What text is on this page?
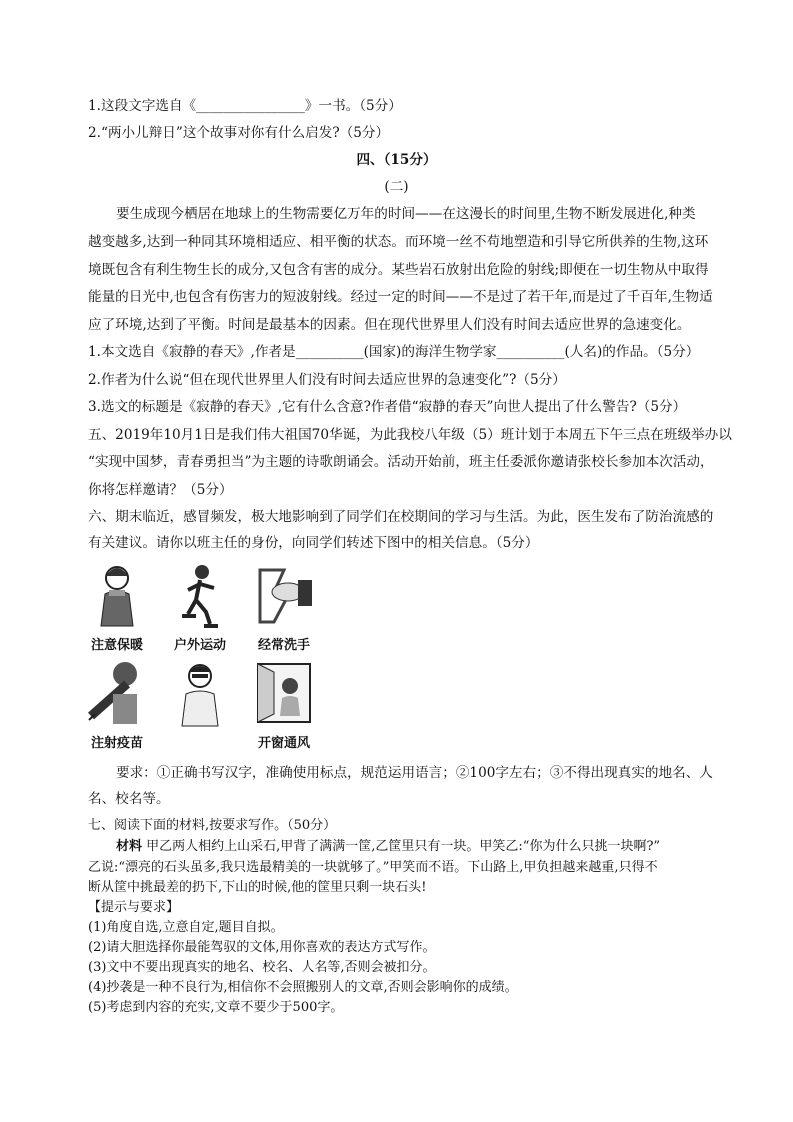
1.这段文字选自《________________》一书。（5分）
2.“两小儿辩日”这个故事对你有什么启发?（5分）
四、（15分）
(二)
要生成现今栖居在地球上的生物需要亿万年的时间——在这漫长的时间里,生物不断发展进化,种类
越变越多,达到一种同其环境相适应、相平衡的状态。而环境一丝不苟地塑造和引导它所供养的生物,这环
境既包含有利生物生长的成分,又包含有害的成分。某些岩石放射出危险的射线;即便在一切生物从中取得
能量的日光中,也包含有伤害力的短波射线。经过一定的时间——不是过了若干年,而是过了千百年,生物适
应了环境,达到了平衡。时间是最基本的因素。但在现代世界里人们没有时间去适应世界的急速变化。
1.本文选自《寂静的春天》,作者是__________(国家)的海洋生物学家__________(人名)的作品。（5分）
2.作者为什么说“但在现代世界里人们没有时间去适应世界的急速变化”?（5分）
3.选文的标题是《寂静的春天》,它有什么含意?作者借“寂静的春天”向世人提出了什么警告?（5分）
五、2019年10月1日是我们伟大祖国70华诞，为此我校八年级（5）班计划于本周五下午三点在班级举办以
“实现中国梦，青春勇担当”为主题的诗歌朗诵会。活动开始前，班主任委派你邀请张校长参加本次活动，
你将怎样邀请？（5分）
六、期末临近，感冒频发，极大地影响到了同学们在校期间的学习与生活。为此，医生发布了防治流感的
有关建议。请你以班主任的身份，向同学们转述下图中的相关信息。（5分）
注意保暖	户外运动	经常洗手
注射疫苗	开窗通风
要求：①正确书写汉字，准确使用标点，规范运用语言；②100字左右；③不得出现真实的地名、人
名、校名等。
七、阅读下面的材料,按要求写作。（50分）
材料 甲乙两人相约上山采石,甲背了满满一筐,乙筐里只有一块。甲笑乙:“你为什么只挑一块啊?”
乙说:“漂亮的石头虽多,我只选最精美的一块就够了。”甲笑而不语。下山路上,甲负担越来越重,只得不
断从筐中挑最差的扔下,下山的时候,他的筐里只剩一块石头!
【提示与要求】
(1)角度自选,立意自定,题目自拟。
(2)请大胆选择你最能驾驭的文体,用你喜欢的表达方式写作。
(3)文中不要出现真实的地名、校名、人名等,否则会被扣分。
(4)抄袭是一种不良行为,相信你不会照搬别人的文章,否则会影响你的成绩。
(5)考虑到内容的充实,文章不要少于500字。
